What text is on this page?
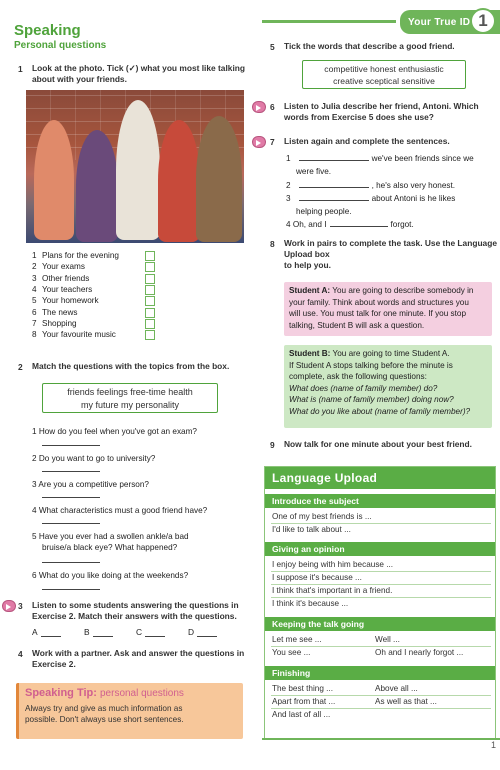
Your True ID 1
Speaking
Personal questions
1 Look at the photo. Tick (✓) what you most like talking
about with your friends.
1 Plans for the evening
2 Your exams
3 Other friends
4 Your teachers
5 Your homework
6 The news
7 Shopping
8 Your favourite music
2 Match the questions with the topics from the box.
friends feelings free-time health
my future my personality
1 How do you feel when you've got an exam?
2 Do you want to go to university?
3 Are you a competitive person?
4 What characteristics must a good friend have?
5 Have you ever had a swollen ankle/a bad
bruise/a black eye? What happened?
6 What do you like doing at the weekends?
3 Listen to some students answering the questions in
Exercise 2. Match their answers with the questions.
A	B	C	D
4 Work with a partner. Ask and answer the questions in
Exercise 2.
Speaking Tip: personal questions
Always try and give as much information as
possible. Don't always use short sentences.
5 Tick the words that describe a good friend.
competitive honest enthusiastic
creative sceptical sensitive
6 Listen to Julia describe her friend, Antoni. Which
words from Exercise 5 does she use?
7 Listen again and complete the sentences.
1	we've been friends since we
were five.
2	, he's also very honest.
3	about Antoni is he likes
helping people.
4 Oh, and I	forgot.
8 Work in pairs to complete the task. Use the Language Upload box
to help you.
Student A: You are going to describe somebody in
your family. Think about words and structures you
will use. You must talk for one minute. If you stop
talking, Student B will ask a question.
Student B: You are going to time Student A.
If Student A stops talking before the minute is
complete, ask the following questions:
What does (name of family member) do?
What is (name of family member) doing now?
What do you like about (name of family member)?
9 Now talk for one minute about your best friend.
Language Upload
Introduce the subject
One of my best friends is ...
I'd like to talk about ...
Giving an opinion
I enjoy being with him because ...
I suppose it's because ...
I think that's important in a friend.
I think it's because ...
Keeping the talk going
Let me see ...	Well ...
You see ...	Oh and I nearly forgot ...
Finishing
The best thing ...	Above all ...
Apart from that ...	As well as that ...
And last of all ...
1
